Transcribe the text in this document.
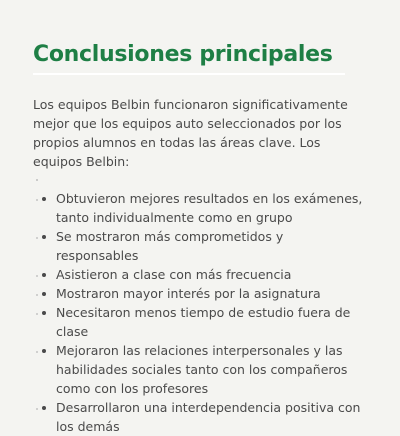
Conclusiones principales

Los equipos Belbin funcionaron significativamente mejor que los equipos auto seleccionados por los propios alumnos en todas las áreas clave. Los equipos Belbin:

Obtuvieron mejores resultados en los exámenes, tanto individualmente como en grupo
Se mostraron más comprometidos y responsables
Asistieron a clase con más frecuencia
Mostraron mayor interés por la asignatura
Necesitaron menos tiempo de estudio fuera de clase
Mejoraron las relaciones interpersonales y las habilidades sociales tanto con los compañeros como con los profesores
Desarrollaron una interdependencia positiva con los demás
